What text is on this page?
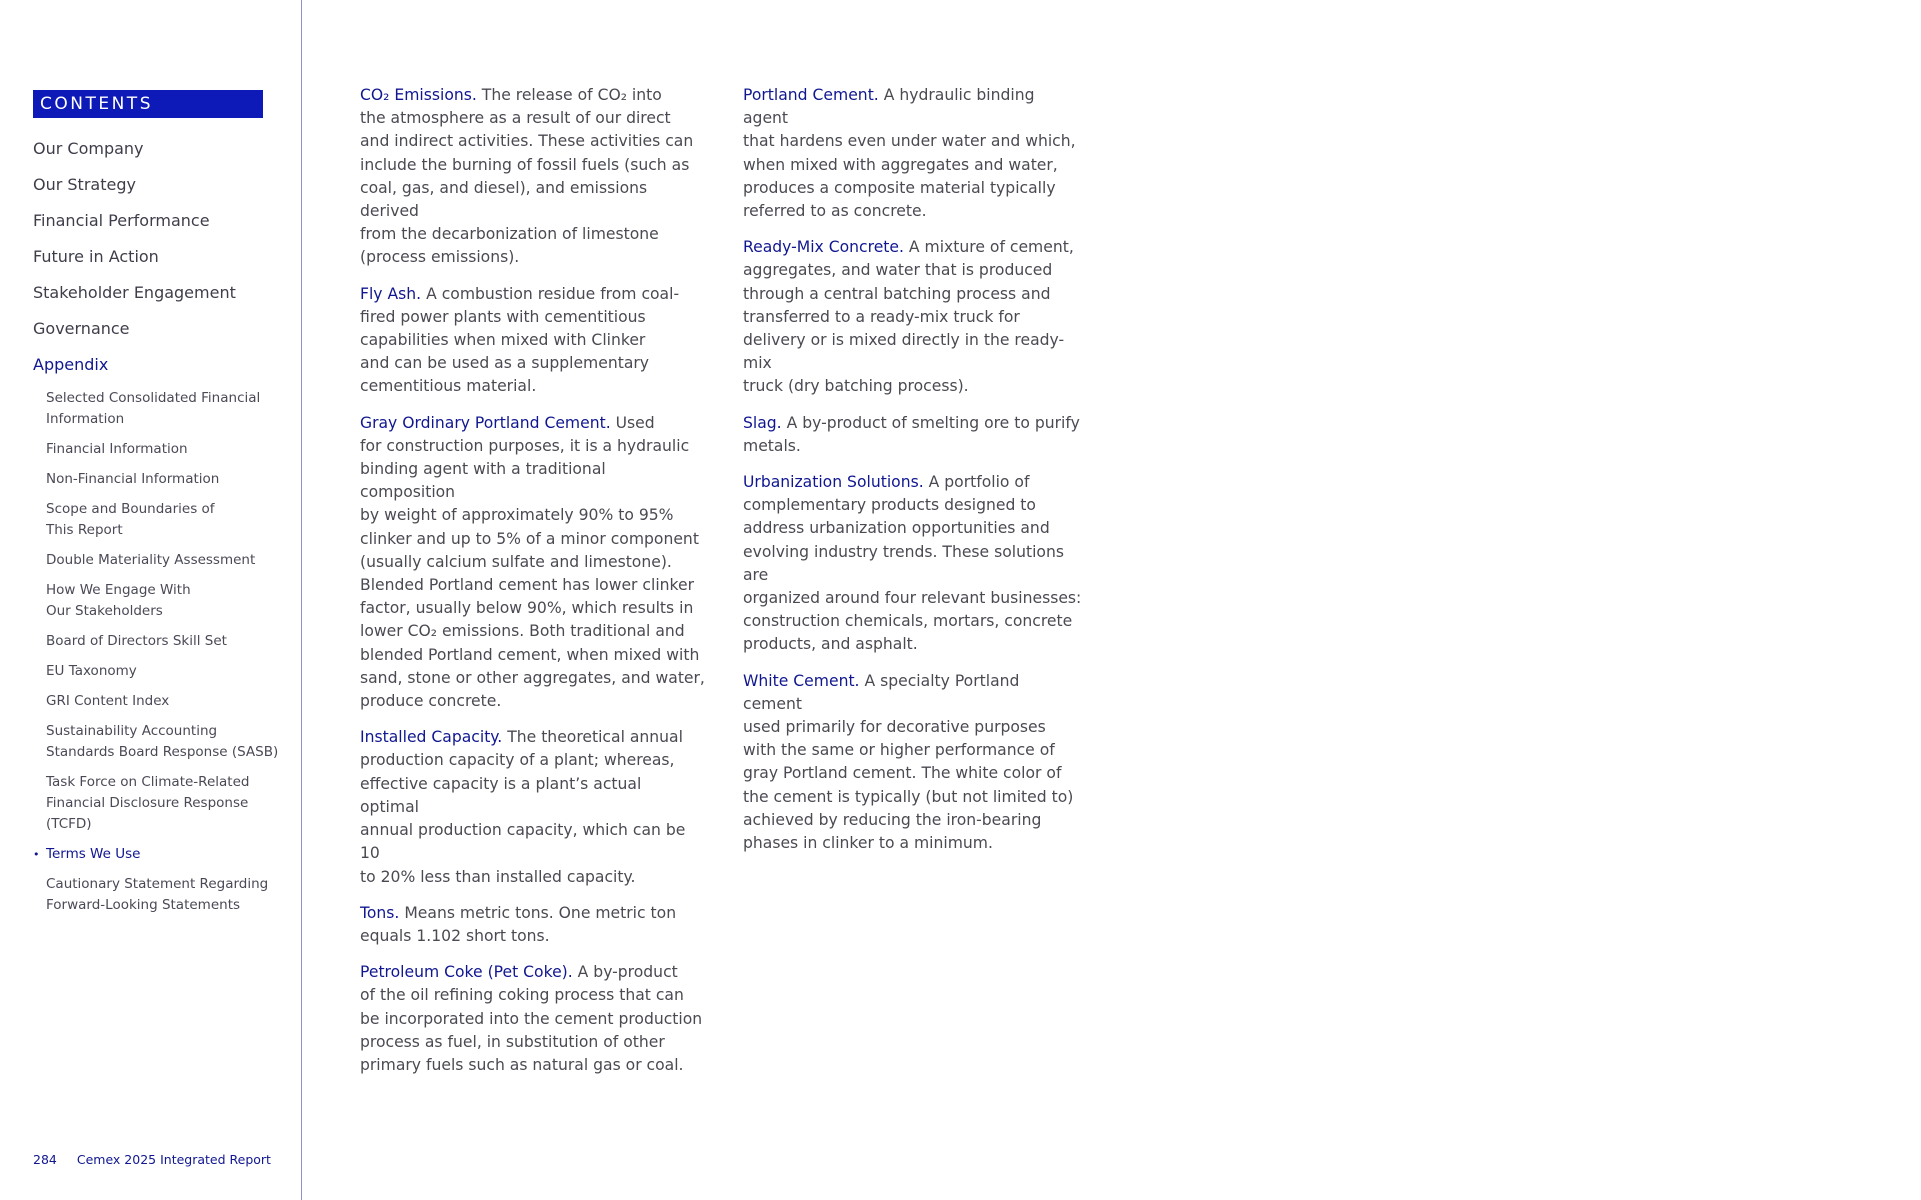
CONTENTS
Our Company
Our Strategy
Financial Performance
Future in Action
Stakeholder Engagement
Governance
Appendix
Selected Consolidated Financial
Information
Financial Information
Non-Financial Information
Scope and Boundaries of
This Report
Double Materiality Assessment
How We Engage With
Our Stakeholders
Board of Directors Skill Set
EU Taxonomy
GRI Content Index
Sustainability Accounting
Standards Board Response (SASB)
Task Force on Climate-Related
Financial Disclosure Response
(TCFD)
• Terms We Use
Cautionary Statement Regarding
Forward-Looking Statements
284 Cemex 2025 Integrated Report

CO₂ Emissions. The release of CO₂ into
the atmosphere as a result of our direct
and indirect activities. These activities can
include the burning of fossil fuels (such as
coal, gas, and diesel), and emissions derived
from the decarbonization of limestone
(process emissions).

Fly Ash. A combustion residue from coal-
fired power plants with cementitious
capabilities when mixed with Clinker
and can be used as a supplementary
cementitious material.

Gray Ordinary Portland Cement. Used
for construction purposes, it is a hydraulic
binding agent with a traditional composition
by weight of approximately 90% to 95%
clinker and up to 5% of a minor component
(usually calcium sulfate and limestone).
Blended Portland cement has lower clinker
factor, usually below 90%, which results in
lower CO₂ emissions. Both traditional and
blended Portland cement, when mixed with
sand, stone or other aggregates, and water,
produce concrete.

Installed Capacity. The theoretical annual
production capacity of a plant; whereas,
effective capacity is a plant’s actual optimal
annual production capacity, which can be 10
to 20% less than installed capacity.

Tons. Means metric tons. One metric ton
equals 1.102 short tons.

Petroleum Coke (Pet Coke). A by-product
of the oil refining coking process that can
be incorporated into the cement production
process as fuel, in substitution of other
primary fuels such as natural gas or coal.

Portland Cement. A hydraulic binding agent
that hardens even under water and which,
when mixed with aggregates and water,
produces a composite material typically
referred to as concrete.

Ready-Mix Concrete. A mixture of cement,
aggregates, and water that is produced
through a central batching process and
transferred to a ready-mix truck for
delivery or is mixed directly in the ready-mix
truck (dry batching process).

Slag. A by-product of smelting ore to purify
metals.

Urbanization Solutions. A portfolio of
complementary products designed to
address urbanization opportunities and
evolving industry trends. These solutions are
organized around four relevant businesses:
construction chemicals, mortars, concrete
products, and asphalt.

White Cement. A specialty Portland cement
used primarily for decorative purposes
with the same or higher performance of
gray Portland cement. The white color of
the cement is typically (but not limited to)
achieved by reducing the iron-bearing
phases in clinker to a minimum.
